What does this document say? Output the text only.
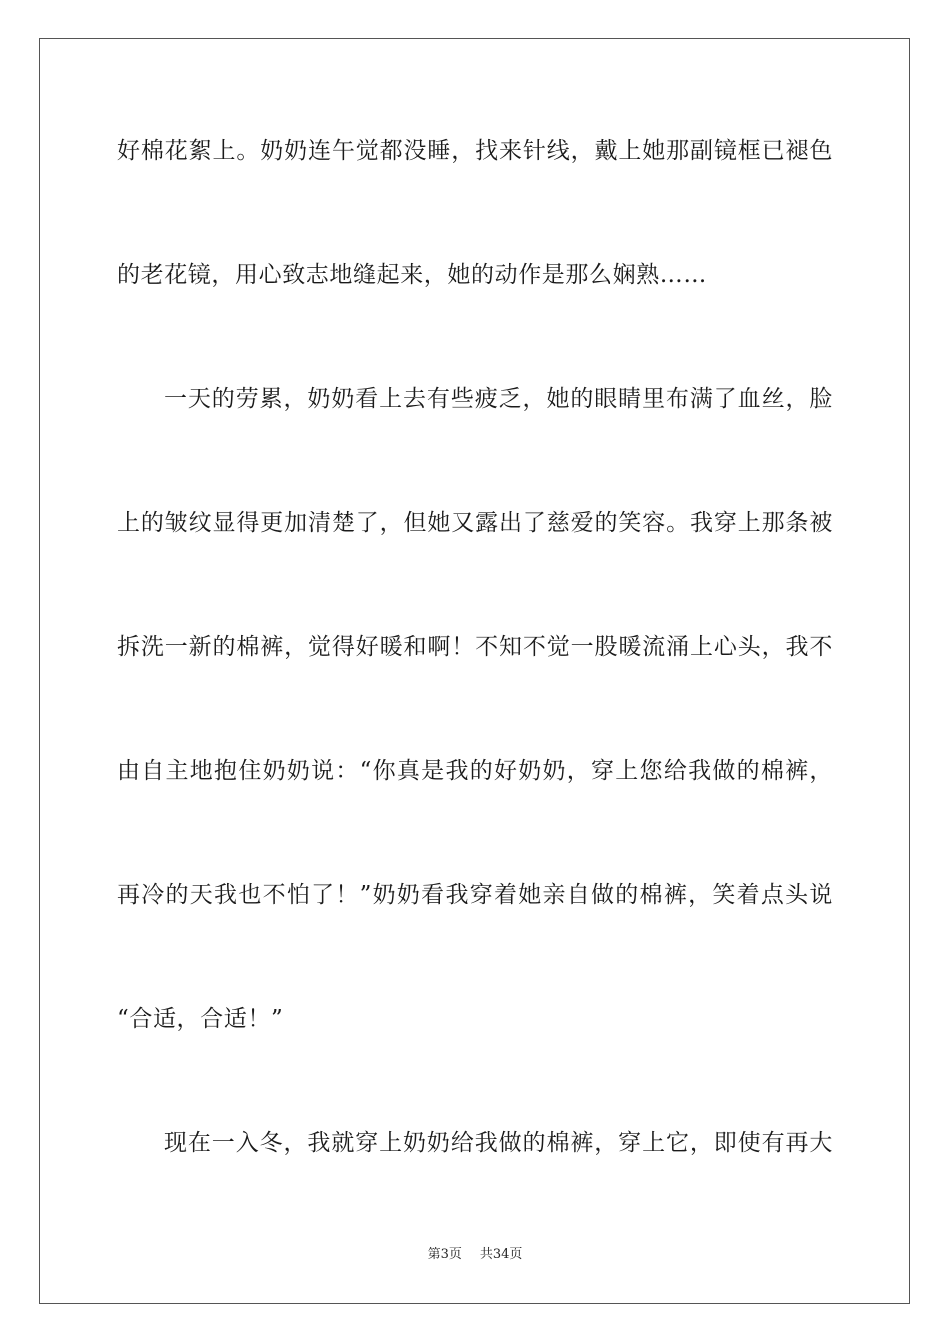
好棉花絮上。奶奶连午觉都没睡，找来针线，戴上她那副镜框已褪色
的老花镜，用心致志地缝起来，她的动作是那么娴熟……
一天的劳累，奶奶看上去有些疲乏，她的眼睛里布满了血丝，脸
上的皱纹显得更加清楚了，但她又露出了慈爱的笑容。我穿上那条被
拆洗一新的棉裤，觉得好暖和啊！不知不觉一股暖流涌上心头，我不
由自主地抱住奶奶说：“你真是我的好奶奶，穿上您给我做的棉裤，
再冷的天我也不怕了！”奶奶看我穿着她亲自做的棉裤，笑着点头说
“合适，合适！”
现在一入冬，我就穿上奶奶给我做的棉裤，穿上它，即使有再大
第3页 共34页
